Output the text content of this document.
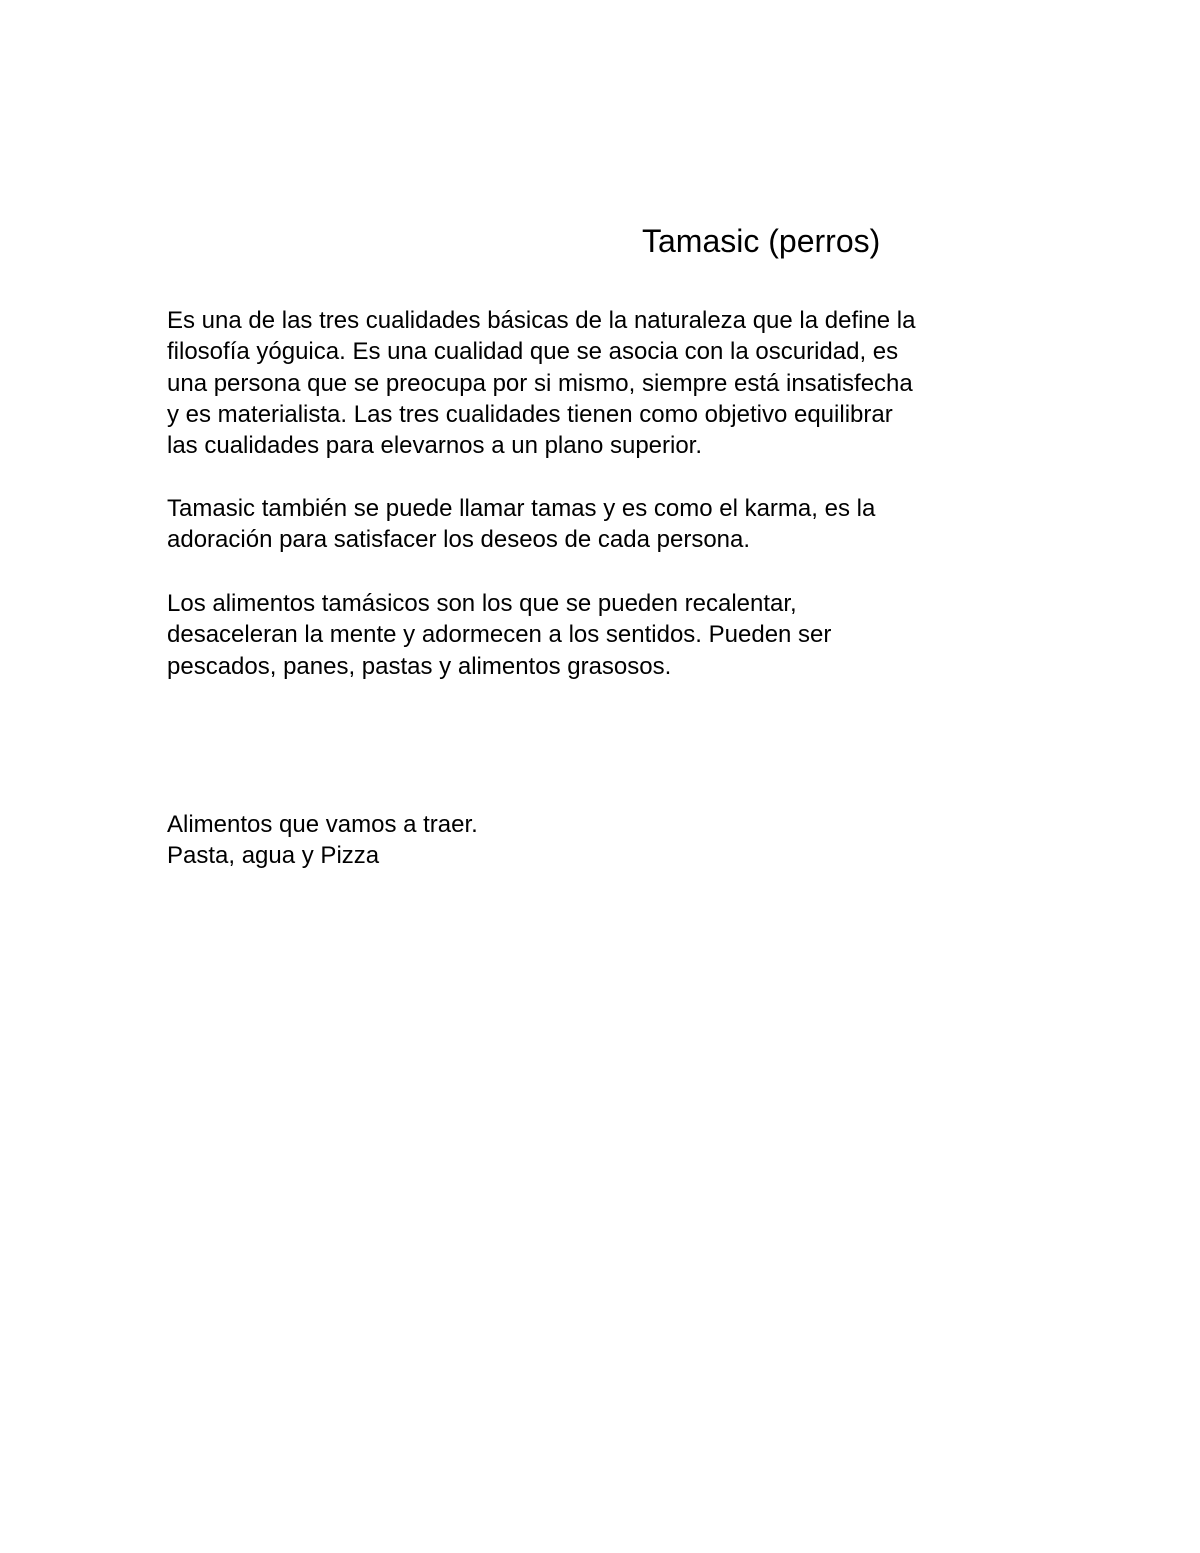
Tamasic (perros)
Es una de las tres cualidades básicas de la naturaleza que la define la
filosofía yóguica. Es una cualidad que se asocia con la oscuridad, es
una persona que se preocupa por si mismo, siempre está insatisfecha
y es materialista. Las tres cualidades tienen como objetivo equilibrar
las cualidades para elevarnos a un plano superior.
Tamasic también se puede llamar tamas y es como el karma, es la
adoración para satisfacer los deseos de cada persona.
Los alimentos tamásicos son los que se pueden recalentar,
desaceleran la mente y adormecen a los sentidos. Pueden ser
pescados, panes, pastas y alimentos grasosos.
Alimentos que vamos a traer.
Pasta, agua y Pizza
